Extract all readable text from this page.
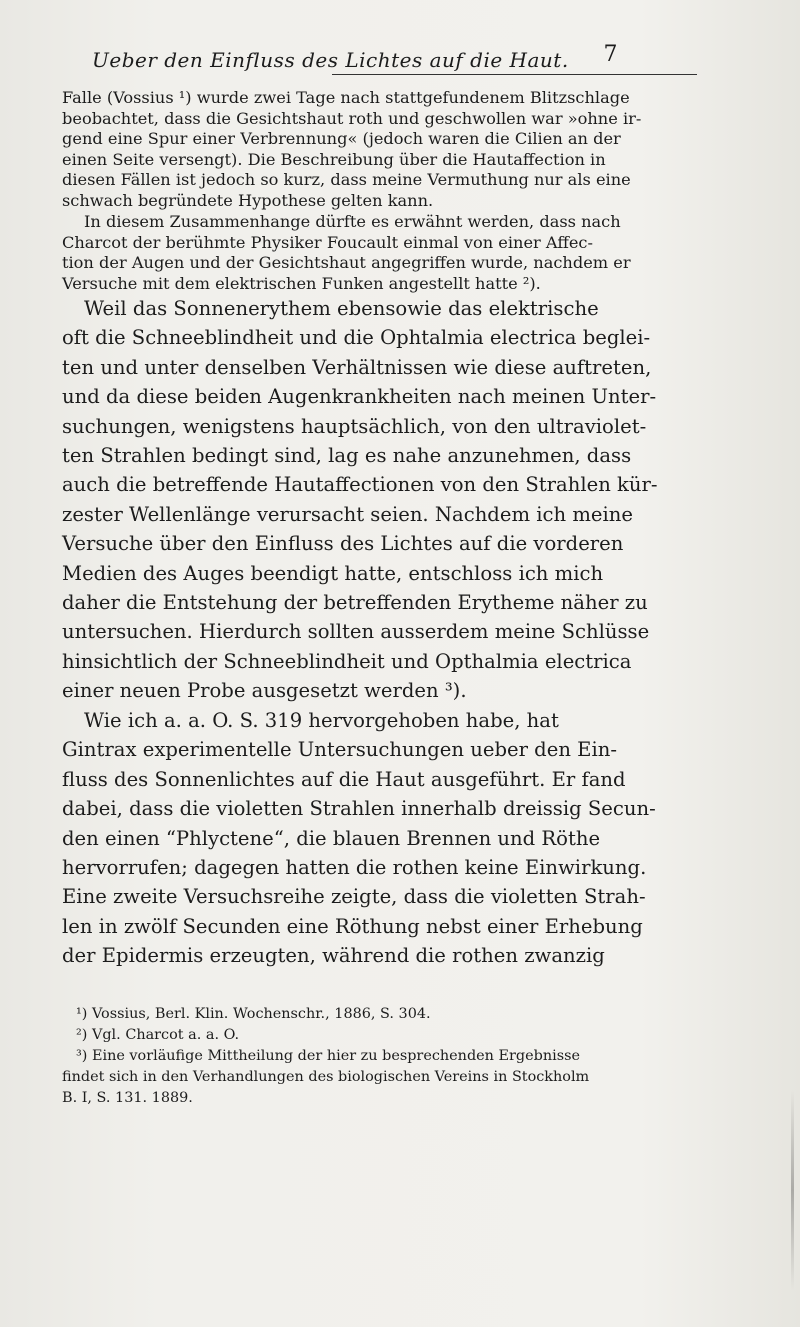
Ueber den Einfluss des Lichtes auf die Haut. 7
Falle (Vossius ¹) wurde zwei Tage nach stattgefundenem Blitzschlage
beobachtet, dass die Gesichtshaut roth und geschwollen war »ohne ir-
gend eine Spur einer Verbrennung« (jedoch waren die Cilien an der
einen Seite versengt). Die Beschreibung über die Hautaffection in
diesen Fällen ist jedoch so kurz, dass meine Vermuthung nur als eine
schwach begründete Hypothese gelten kann.
In diesem Zusammenhange dürfte es erwähnt werden, dass nach
Charcot der berühmte Physiker Foucault einmal von einer Affec-
tion der Augen und der Gesichtshaut angegriffen wurde, nachdem er
Versuche mit dem elektrischen Funken angestellt hatte ²).
Weil das Sonnenerythem ebensowie das elektrische
oft die Schneeblindheit und die Ophtalmia electrica beglei-
ten und unter denselben Verhältnissen wie diese auftreten,
und da diese beiden Augenkrankheiten nach meinen Unter-
suchungen, wenigstens hauptsächlich, von den ultraviolet-
ten Strahlen bedingt sind, lag es nahe anzunehmen, dass
auch die betreffende Hautaffectionen von den Strahlen kür-
zester Wellenlänge verursacht seien. Nachdem ich meine
Versuche über den Einfluss des Lichtes auf die vorderen
Medien des Auges beendigt hatte, entschloss ich mich
daher die Entstehung der betreffenden Erytheme näher zu
untersuchen. Hierdurch sollten ausserdem meine Schlüsse
hinsichtlich der Schneeblindheit und Opthalmia electrica
einer neuen Probe ausgesetzt werden ³).
Wie ich a. a. O. S. 319 hervorgehoben habe, hat
Gintrax experimentelle Untersuchungen ueber den Ein-
fluss des Sonnenlichtes auf die Haut ausgeführt. Er fand
dabei, dass die violetten Strahlen innerhalb dreissig Secun-
den einen “Phlyctene“, die blauen Brennen und Röthe
hervorrufen; dagegen hatten die rothen keine Einwirkung.
Eine zweite Versuchsreihe zeigte, dass die violetten Strah-
len in zwölf Secunden eine Röthung nebst einer Erhebung
der Epidermis erzeugten, während die rothen zwanzig
¹) Vossius, Berl. Klin. Wochenschr., 1886, S. 304.
²) Vgl. Charcot a. a. O.
³) Eine vorläufige Mittheilung der hier zu besprechenden Ergebnisse
findet sich in den Verhandlungen des biologischen Vereins in Stockholm
B. I, S. 131. 1889.
